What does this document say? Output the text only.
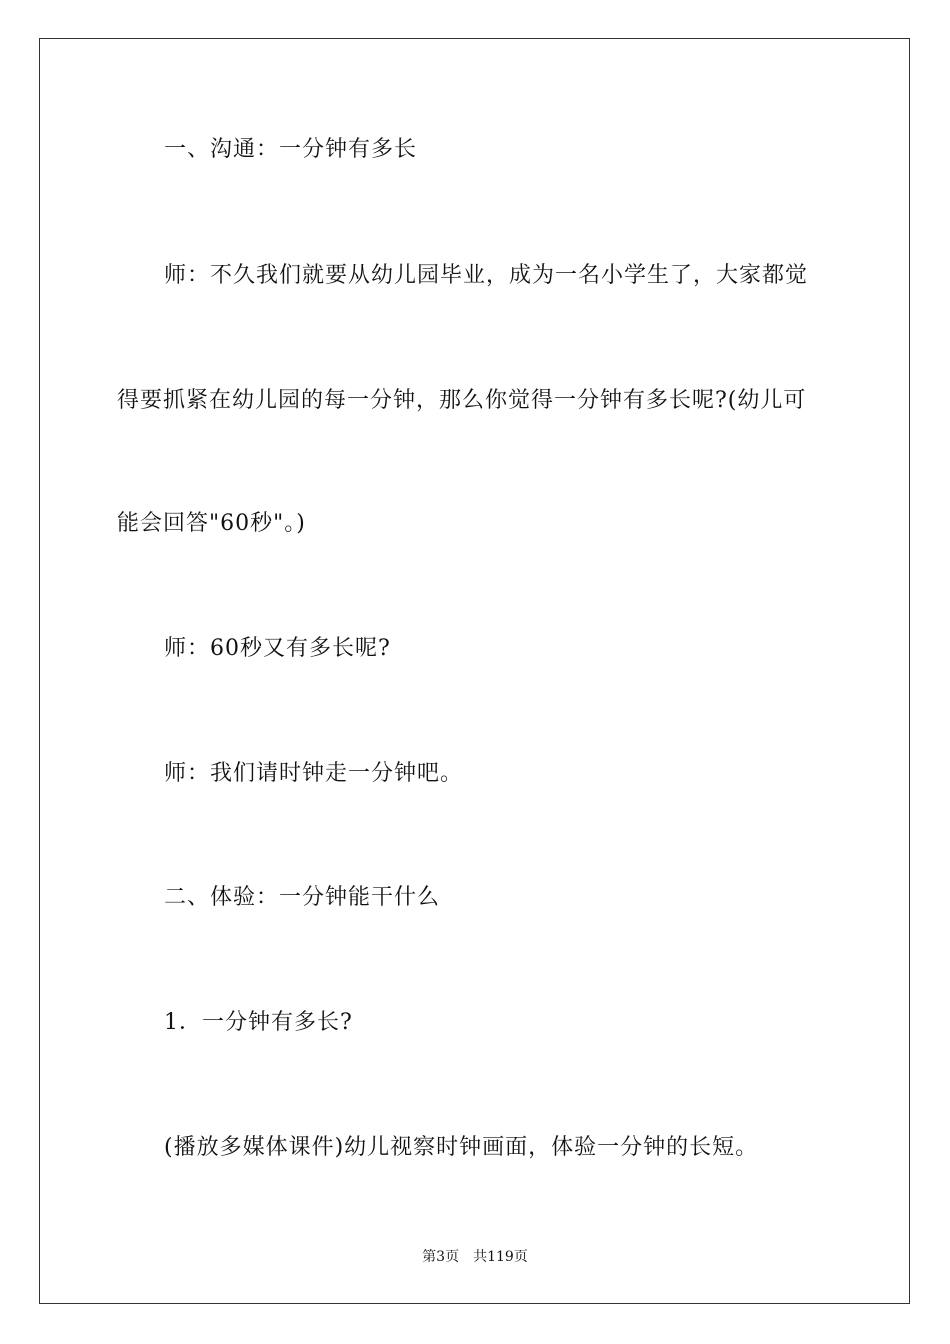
一、沟通：一分钟有多长
师：不久我们就要从幼儿园毕业，成为一名小学生了，大家都觉
得要抓紧在幼儿园的每一分钟，那么你觉得一分钟有多长呢?(幼儿可
能会回答"60秒"。)
师：60秒又有多长呢?
师：我们请时钟走一分钟吧。
二、体验：一分钟能干什么
1．一分钟有多长?
(播放多媒体课件)幼儿视察时钟画面，体验一分钟的长短。
第3页 共119页
